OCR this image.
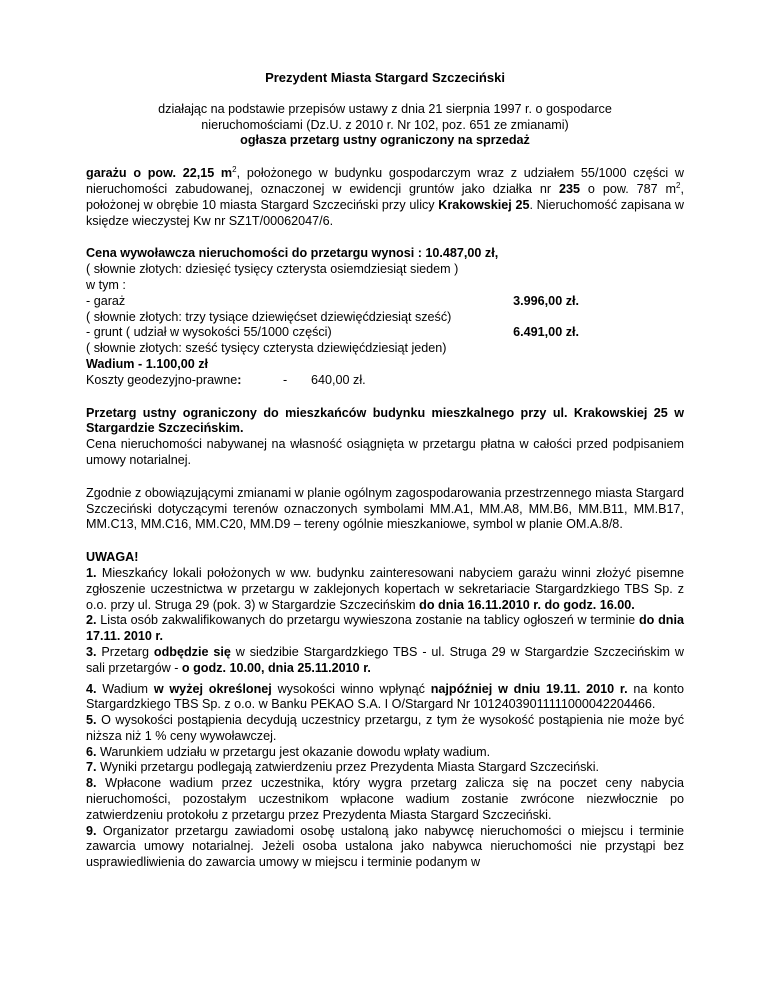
Prezydent Miasta Stargard Szczeciński

działając na podstawie przepisów ustawy z dnia 21 sierpnia 1997 r. o gospodarce

nieruchomościami (Dz.U. z 2010 r. Nr 102, poz. 651 ze zmianami)

ogłasza przetarg ustny ograniczony na sprzedaż

garażu o pow. 22,15 $m^2$, położonego w budynku gospodarczym wraz z udziałem 55/1000 części w nieruchomości zabudowanej, oznaczonej w ewidencji gruntów jako działka nr 235 o pow. 787 $m^2$, położonej w obrębie 10 miasta Stargard Szczeciński przy ulicy Krakowskiej 25. Nieruchomość zapisana w księdze wieczystej Kw nr SZ1T/00062047/6.

Cena wywoławcza nieruchomości do przetargu wynosi : 10.487,00 zł,

( słownie złotych: dziesięć tysięcy czterysta osiemdziesiąt siedem )

w tym :

- garaż	3.996,00 zł.

( słownie złotych: trzy tysiące dziewięćset dziewięćdziesiąt sześć)

- grunt ( udział w wysokości 55/1000 części)	6.491,00 zł.

( słownie złotych: sześć tysięcy czterysta dziewięćdziesiąt jeden)

Wadium - 1.100,00 zł
Koszty geodezyjno-prawne:	- 640,00 zł.

Przetarg ustny ograniczony do mieszkańców budynku mieszkalnego przy ul. Krakowskiej 25 w Stargardzie Szczecińskim.

Cena nieruchomości nabywanej na własność osiągnięta w przetargu płatna w całości przed podpisaniem umowy notarialnej.

Zgodnie z obowiązującymi zmianami w planie ogólnym zagospodarowania przestrzennego miasta Stargard Szczeciński dotyczącymi terenów oznaczonych symbolami MM.A1, MM.A8, MM.B6, MM.B11, MM.B17, MM.C13, MM.C16, MM.C20, MM.D9 – tereny ogólnie mieszkaniowe, symbol w planie OM.A.8/8.

UWAGA!

1. Mieszkańcy lokali położonych w ww. budynku zainteresowani nabyciem garażu winni złożyć pisemne zgłoszenie uczestnictwa w przetargu w zaklejonych kopertach w sekretariacie Stargardzkiego TBS Sp. z o.o. przy ul. Struga 29 (pok. 3) w Stargardzie Szczecińskim do dnia 16.11.2010 r. do godz. 16.00.

2. Lista osób zakwalifikowanych do przetargu wywieszona zostanie na tablicy ogłoszeń w terminie do dnia 17.11. 2010 r.

3. Przetarg odbędzie się w siedzibie Stargardzkiego TBS - ul. Struga 29 w Stargardzie Szczecińskim w sali przetargów - o godz. 10.00, dnia 25.11.2010 r.

4. Wadium w wyżej określonej wysokości winno wpłynąć najpóźniej w dniu 19.11. 2010 r. na konto Stargardzkiego TBS Sp. z o.o. w Banku PEKAO S.A. I O/Stargard Nr 10124039011111000042204466.

5. O wysokości postąpienia decydują uczestnicy przetargu, z tym że wysokość postąpienia nie może być niższa niż 1 % ceny wywoławczej.

6. Warunkiem udziału w przetargu jest okazanie dowodu wpłaty wadium.

7. Wyniki przetargu podlegają zatwierdzeniu przez Prezydenta Miasta Stargard Szczeciński.

8. Wpłacone wadium przez uczestnika, który wygra przetarg zalicza się na poczet ceny nabycia nieruchomości, pozostałym uczestnikom wpłacone wadium zostanie zwrócone niezwłocznie po zatwierdzeniu protokołu z przetargu przez Prezydenta Miasta Stargard Szczeciński.

9. Organizator przetargu zawiadomi osobę ustaloną jako nabywcę nieruchomości o miejscu i terminie zawarcia umowy notarialnej. Jeżeli osoba ustalona jako nabywca nieruchomości nie przystąpi bez usprawiedliwienia do zawarcia umowy w miejscu i terminie podanym w
